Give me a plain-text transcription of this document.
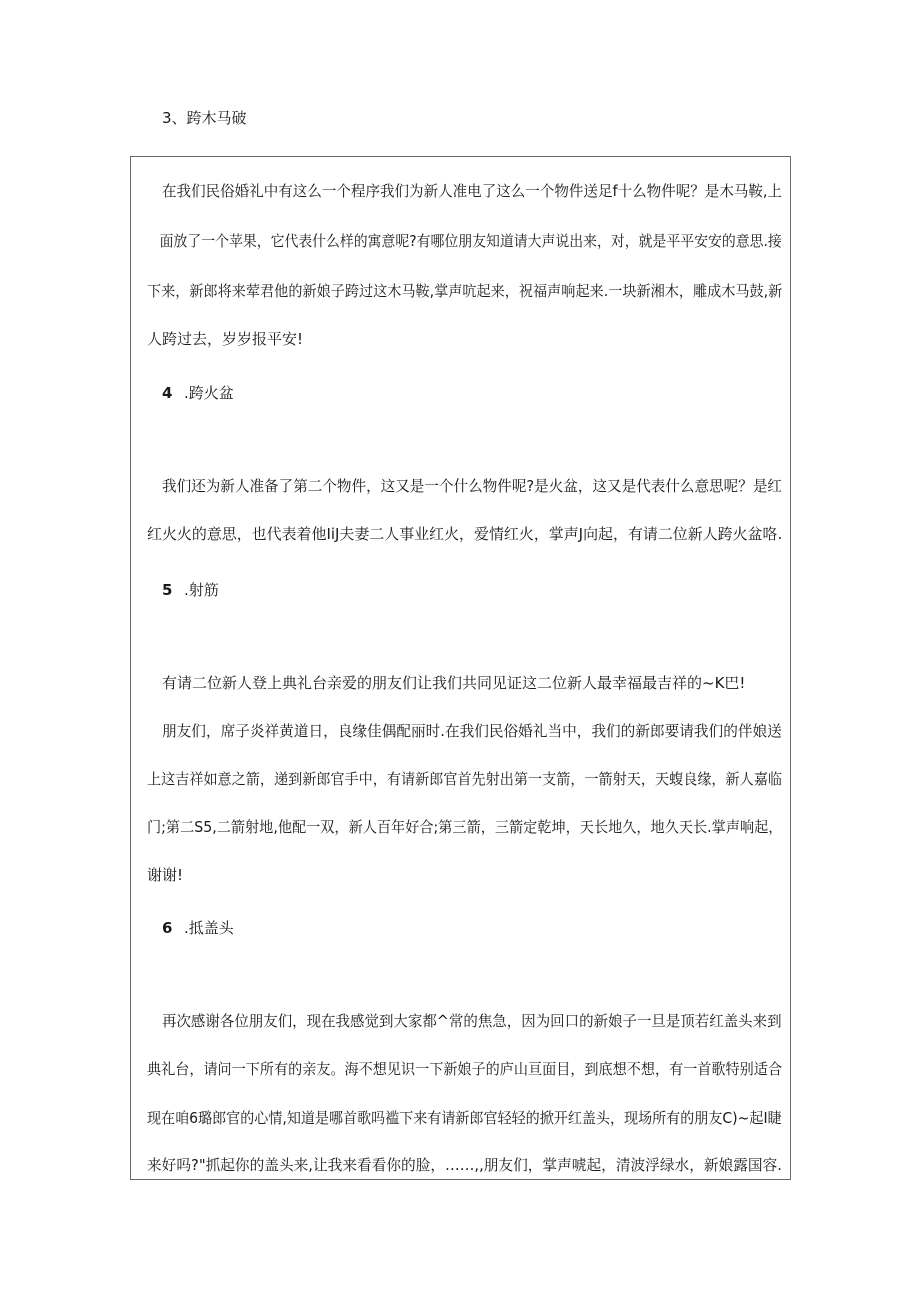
3、跨木马破
在我们民俗婚礼中有这么一个程序我们为新人准电了这么一个物件送足f十么物件呢？是木马鞍,上
面放了一个苹果，它代表什么样的寓意呢?有哪位朋友知道请大声说出来，对，就是平平安安的意思.接
下来，新郎将来荤君他的新娘子跨过这木马鞍,掌声吭起来，祝福声响起来.一块新湘木，雕成木马鼓,新
人跨过去，岁岁报平安!
4 .跨火盆
我们还为新人准备了第二个物件，这又是一个什么物件呢?是火盆，这又是代表什么意思呢？是红
红火火的意思，也代表着他IiJ夫妻二人事业红火，爱情红火，掌声J向起，有请二位新人跨火盆咯.
5 .射筋
有请二位新人登上典礼台亲爱的朋友们让我们共同见证这二位新人最幸福最吉祥的~K巴!
朋友们，席子炎祥黄道日，良缘佳偶配丽时.在我们民俗婚礼当中，我们的新郎要请我们的伴娘送
上这吉祥如意之箭，递到新郎官手中，有请新郎官首先射出第一支箭，一箭射天，天蝮良缘，新人嘉临
门;第二S5,二箭射地,他配一双，新人百年好合;第三箭，三箭定乾坤，天长地久，地久天长.掌声响起，
谢谢!
6 .抵盖头
再次感谢各位朋友们，现在我感觉到大家都^常的焦急，因为回口的新娘子一旦是顶若红盖头来到
典礼台，请问一下所有的亲友。海不想见识一下新娘子的庐山亘面目，到底想不想，有一首歌特别适合
现在咱6璐郎官的心情,知道是哪首歌吗褴下来有请新郎官轻轻的掀开红盖头，现场所有的朋友C)~起I睫
来好吗?"抓起你的盖头来,让我来看看你的脸，……,,朋友们，掌声唬起，清波浮绿水，新娘露国容.
